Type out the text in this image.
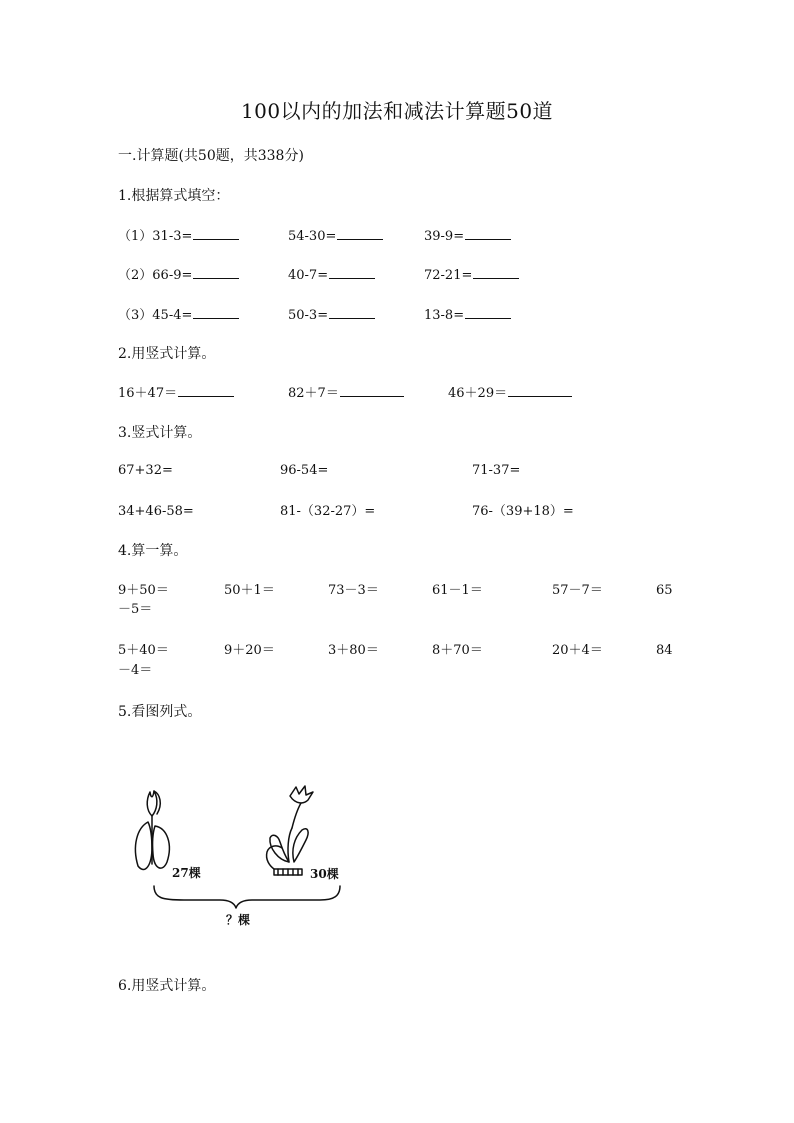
100以内的加法和减法计算题50道
一.计算题(共50题，共338分)
1.根据算式填空：
（1）31-3=	54-30=	39-9=
（2）66-9=	40-7=	72-21=
（3）45-4=	50-3=	13-8=
2.用竖式计算。
16＋47＝	82＋7＝	46＋29＝
3.竖式计算。
67+32=	96-54=	71-37=
34+46-58=	81-（32-27）=	76-（39+18）=
4.算一算。
9＋50＝	50＋1＝	73－3＝	61－1＝	57－7＝	65
－5＝
5＋40＝	9＋20＝	3＋80＝	8＋70＝	20＋4＝	84
－4＝
5.看图列式。
27棵	30棵
？棵
6.用竖式计算。
